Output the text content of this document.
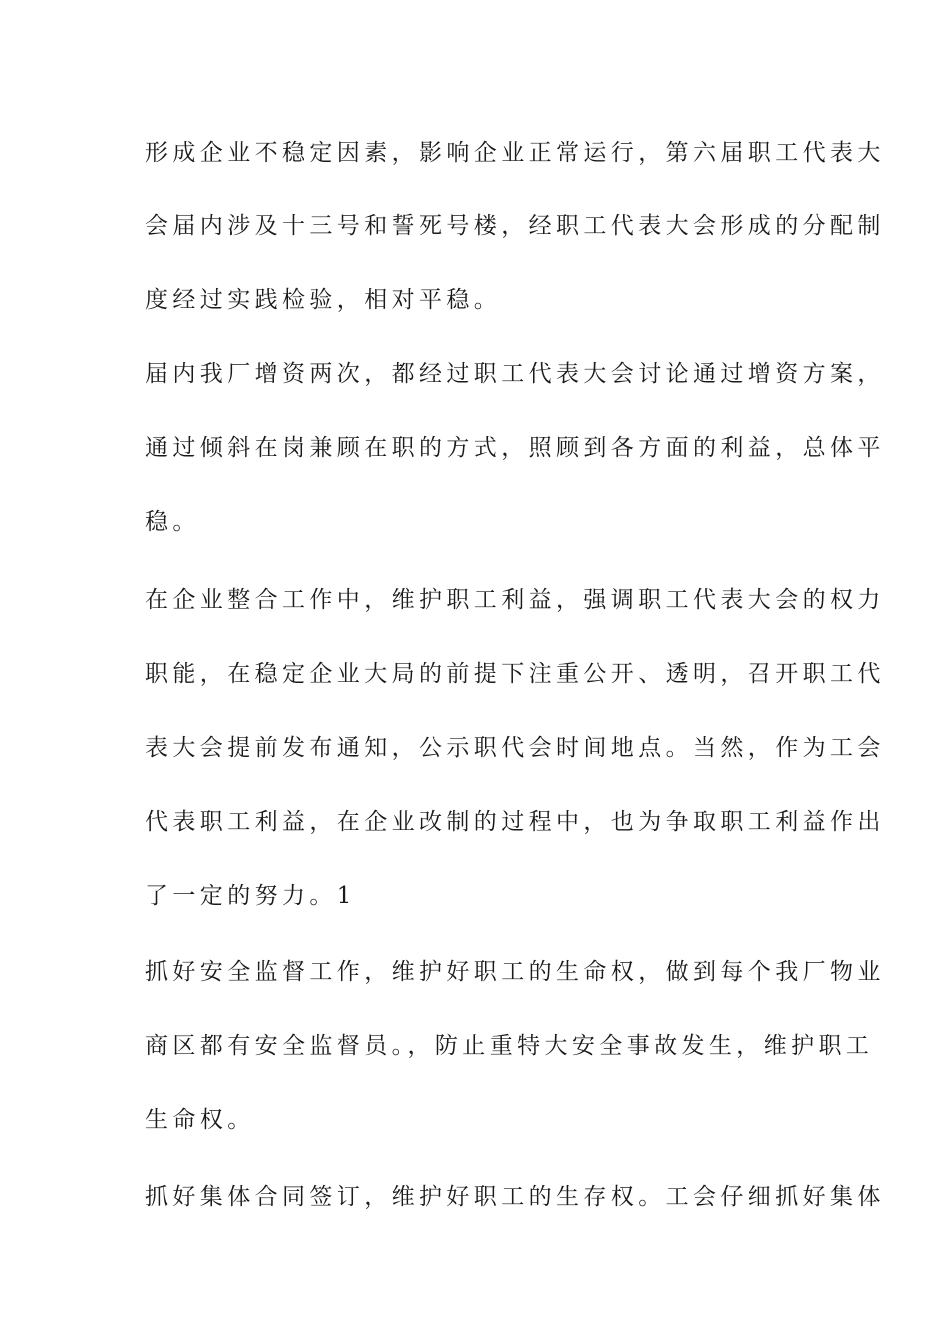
形成企业不稳定因素，影响企业正常运行，第六届职工代表大
会届内涉及十三号和誓死号楼，经职工代表大会形成的分配制
度经过实践检验，相对平稳。
届内我厂增资两次，都经过职工代表大会讨论通过增资方案，
通过倾斜在岗兼顾在职的方式，照顾到各方面的利益，总体平
稳。
在企业整合工作中，维护职工利益，强调职工代表大会的权力
职能，在稳定企业大局的前提下注重公开、透明，召开职工代
表大会提前发布通知，公示职代会时间地点。当然，作为工会
代表职工利益，在企业改制的过程中，也为争取职工利益作出
了一定的努力。1
抓好安全监督工作，维护好职工的生命权，做到每个我厂物业
商区都有安全监督员。，防止重特大安全事故发生，维护职工
生命权。
抓好集体合同签订，维护好职工的生存权。工会仔细抓好集体
